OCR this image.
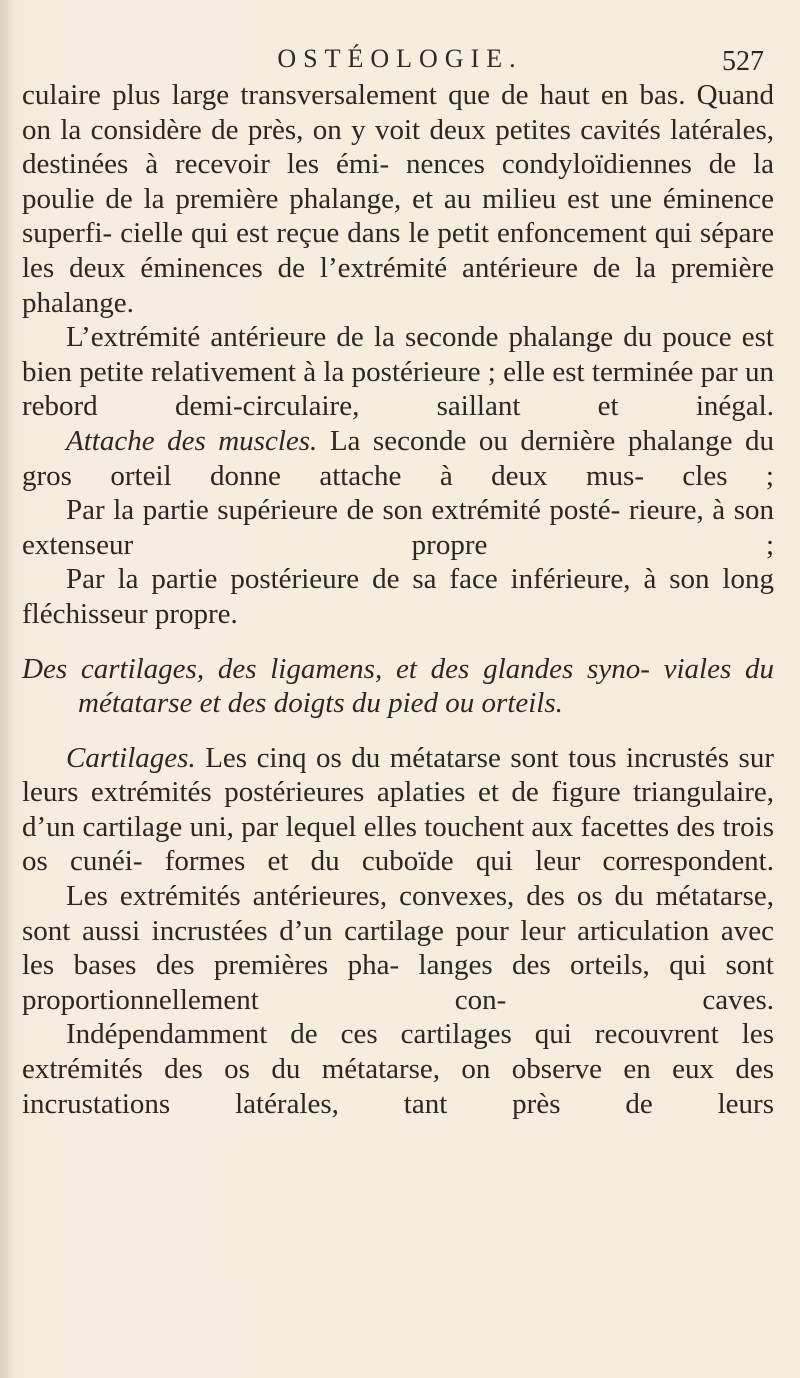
OSTÉOLOGIE.	527

culaire plus large transversalement que de haut en bas. Quand on la considère de près, on y voit deux petites cavités latérales, destinées à recevoir les émi- nences condyloïdiennes de la poulie de la première phalange, et au milieu est une éminence superfi- cielle qui est reçue dans le petit enfoncement qui sépare les deux éminences de l’extrémité antérieure de la première phalange.

L’extrémité antérieure de la seconde phalange du pouce est bien petite relativement à la postérieure ; elle est terminée par un rebord demi-circulaire, saillant et inégal.

Attache des muscles. La seconde ou dernière phalange du gros orteil donne attache à deux mus- cles ;

Par la partie supérieure de son extrémité posté- rieure, à son extenseur propre ;

Par la partie postérieure de sa face inférieure, à son long fléchisseur propre.

Des cartilages, des ligamens, et des glandes syno- viales du métatarse et des doigts du pied ou orteils.

Cartilages. Les cinq os du métatarse sont tous incrustés sur leurs extrémités postérieures aplaties et de figure triangulaire, d’un cartilage uni, par lequel elles touchent aux facettes des trois os cunéi- formes et du cuboïde qui leur correspondent.

Les extrémités antérieures, convexes, des os du métatarse, sont aussi incrustées d’un cartilage pour leur articulation avec les bases des premières pha- langes des orteils, qui sont proportionnellement con- caves.

Indépendamment de ces cartilages qui recouvrent les extrémités des os du métatarse, on observe en eux des incrustations latérales, tant près de leurs
